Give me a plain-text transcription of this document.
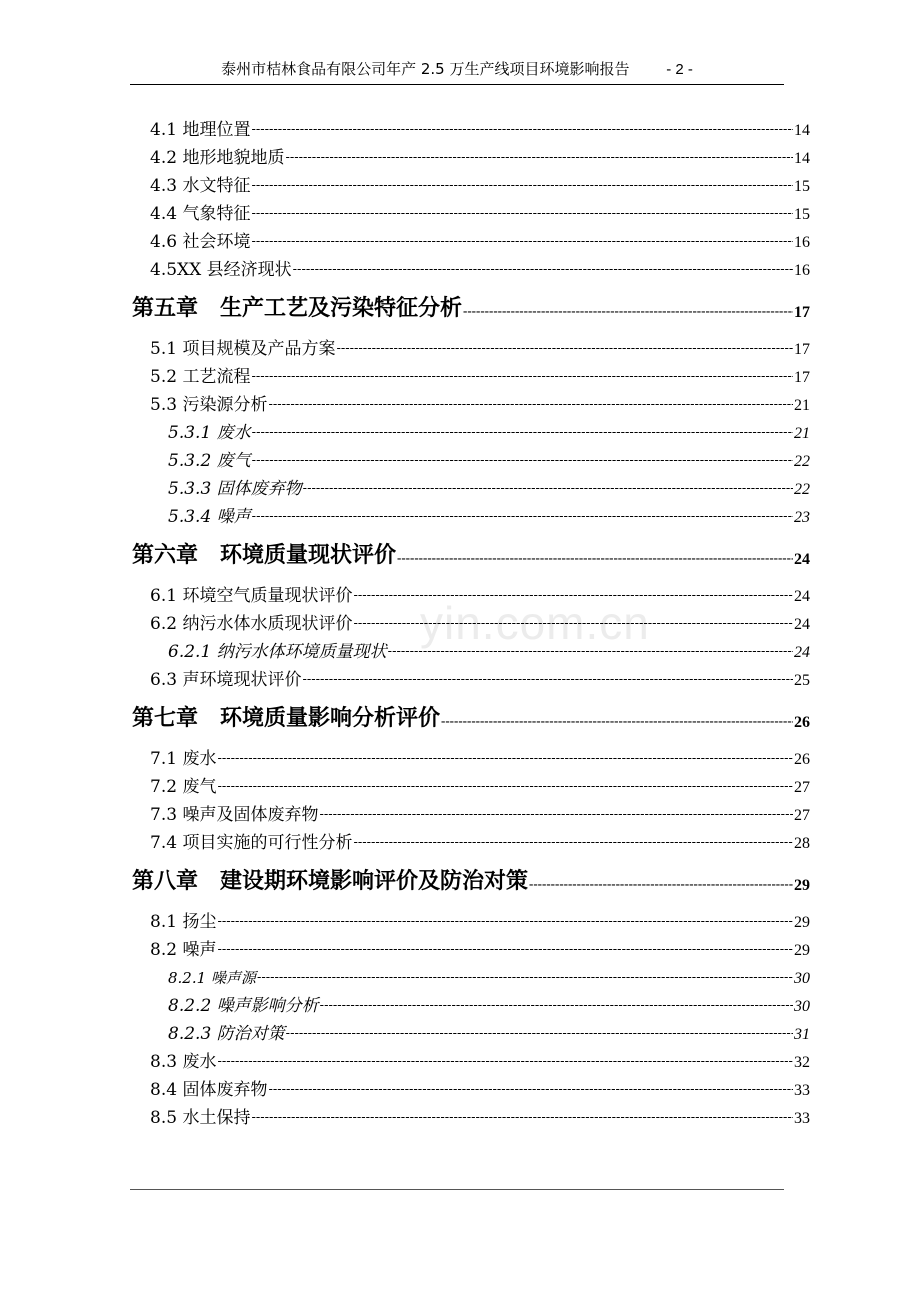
泰州市桔林食品有限公司年产 2.5 万生产线项目环境影响报告 - 2 -
yin.com.cn
4.1 地理位置 -----	14
4.2 地形地貌地质 -----	14
4.3 水文特征 -----	15
4.4 气象特征 -----	15
4.6 社会环境 -----	16
4.5XX 县经济现状 -----	16
第五章　生产工艺及污染特征分析 -----	17
5.1 项目规模及产品方案 -----	17
5.2 工艺流程 -----	17
5.3 污染源分析 -----	21
5.3.1 废水 -----	21
5.3.2 废气 -----	22
5.3.3 固体废弃物 -----	22
5.3.4 噪声 -----	23
第六章　环境质量现状评价 -----	24
6.1 环境空气质量现状评价 -----	24
6.2 纳污水体水质现状评价 -----	24
6.2.1 纳污水体环境质量现状 -----	24
6.3 声环境现状评价 -----	25
第七章　环境质量影响分析评价 -----	26
7.1 废水 -----	26
7.2 废气 -----	27
7.3 噪声及固体废弃物 -----	27
7.4 项目实施的可行性分析 -----	28
第八章　建设期环境影响评价及防治对策 -----	29
8.1 扬尘 -----	29
8.2 噪声 -----	29
8.2.1 噪声源 -----	30
8.2.2 噪声影响分析 -----	30
8.2.3 防治对策 -----	31
8.3 废水 -----	32
8.4 固体废弃物 -----	33
8.5 水土保持 -----	33
